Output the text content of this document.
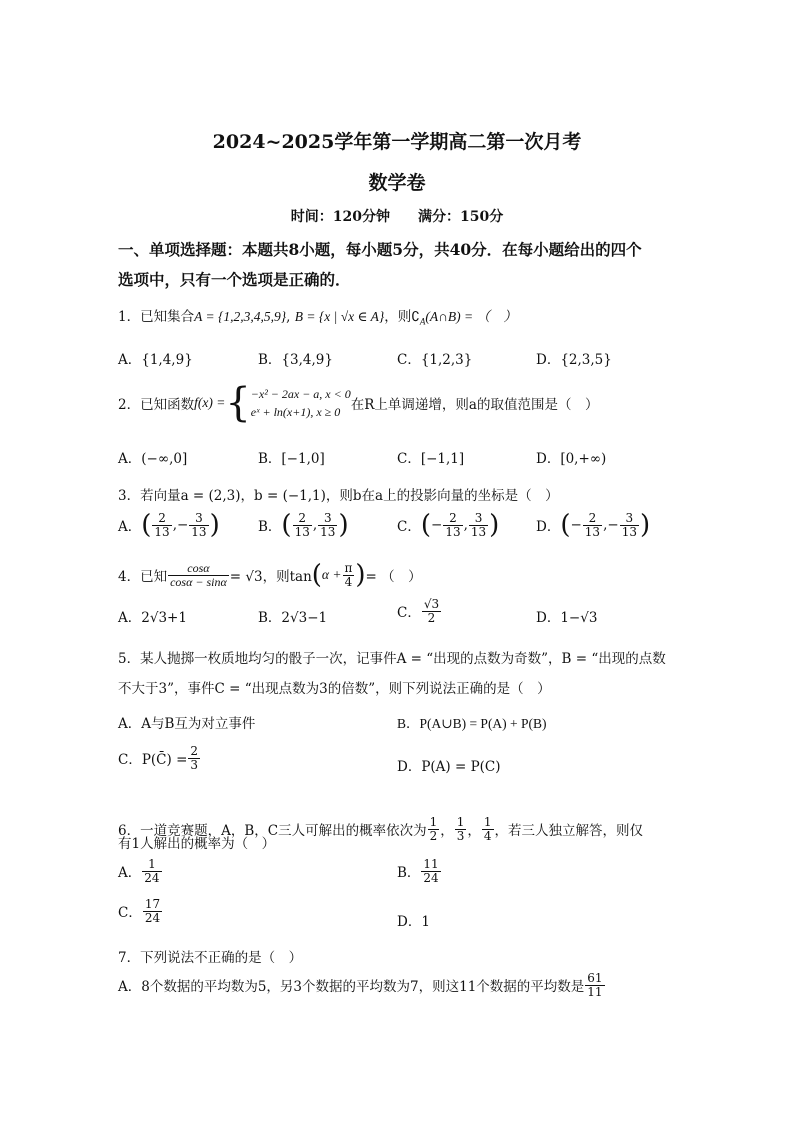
2024~2025学年第一学期高二第一次月考
数学卷
时间：120分钟　　满分：150分
一、单项选择题：本题共8小题，每小题5分，共40分．在每小题给出的四个
选项中，只有一个选项是正确的．
1．已知集合A = {1,2,3,4,5,9}, B = {x | √x ∈ A}，则$∁_A(A\cap B)$ = （　）
A．{1,4,9}	B．{3,4,9}	C．{1,2,3}	D．{2,3,5}
2．已知函数f(x) ={ −x² − 2ax − a, x < 0
eˣ + ln(x+1), x ≥ 0 在R上单调递增，则a的取值范围是（　）
A．(−∞,0]	B．[−1,0]	C．[−1,1]	D．[0,+∞)
3．若向量a = (2,3)，b = (−1,1)，则b在a上的投影向量的坐标是（　）
A．( $\frac{2}{13}$ ,− $\frac{3}{13}$ )	B．( $\frac{2}{13}$ , $\frac{3}{13}$ )	C．(− $\frac{2}{13}$ , $\frac{3}{13}$ )	D．(− $\frac{2}{13}$ ,− $\frac{3}{13}$ )
4．已知 $\frac{\cos\alpha}{\cos\alpha - \sin\alpha} = √3$，则$\tan(\alpha + \frac{\pi}{4}$ )= （　）
A．2√3+1	B．2√3−1	C． $\frac{√3}{2}$	D．1−√3
5．某人抛掷一枚质地均匀的骰子一次，记事件A = “出现的点数为奇数”，B = “出现的点数
不大于3”，事件C = “出现点数为3的倍数”，则下列说法正确的是（　）
A．A与B互为对立事件	B．P(A∪B) = P(A) + P(B)
C．P(C̄) = $\frac{2}{3}$	D．P(A) = P(C)
6．一道竞赛题，A，B，C三人可解出的概率依次为 $\frac{1}{2}$ ， $\frac{1}{3}$ ， $\frac{1}{4}$ ，若三人独立解答，则仅
有1人解出的概率为（　）
A． $\frac{1}{24}$	B． $\frac{11}{24}$
C． $\frac{17}{24}$	D．1
7．下列说法不正确的是（　）
A．8个数据的平均数为5，另3个数据的平均数为7，则这11个数据的平均数是 $\frac{61}{11}$
